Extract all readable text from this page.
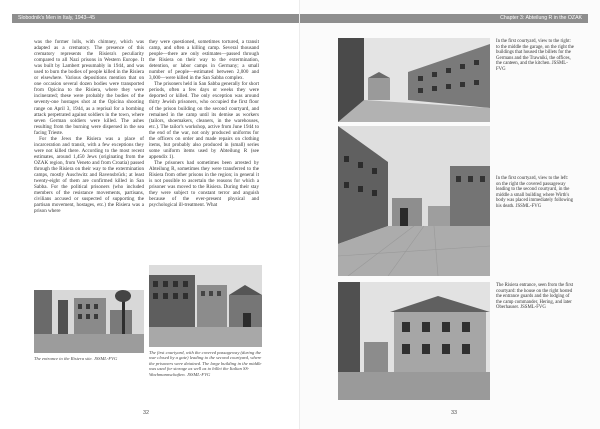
Slobodnik's Men in Italy, 1943–45

was the former lolls, with chimney, which was adapted as a crematory. The presence of this crematory represents the Risiera's peculiarity compared to all Nazi prisons in Western Europe. It was built by Lambert presumably in 1944, and was used to burn the bodies of people killed in the Risiera or elsewhere. Various depositions mention that on one occasion several dozen bodies were transported from Opicina to the Risiera, where they were incinerated; these were probably the bodies of the seventy-one hostages shot at the Opicina shooting range on April 3, 1944, as a reprisal for a bombing attack perpetrated against soldiers in the town, where seven German soldiers were killed. The ashes resulting from the burning were dispersed in the sea facing Trieste.
 For the Jews the Risiera was a place of incarceration and transit, with a few exceptions they were not killed there. According to the most recent estimates, around 1,450 Jews (originating from the OZAK region, from Veneto and from Croatia) passed through the Risiera on their way to the extermination camps, mostly Auschwitz and Ravensbrück; at least twenty-eight of them are confirmed killed in San Sabba. For the political prisoners (who included members of the resistance movements, partisans, civilians accused or suspected of supporting the partisan movement, hostages, etc.) the Risiera was a prison where

they were questioned, sometimes tortured, a transit camp, and often a killing camp. Several thousand people—there are only estimates—passed through the Risiera on their way to the extermination, detention, or labor camps in Germany; a small number of people—estimated between 2,000 and 3,000—were killed in the San Sabba complex.
 The prisoners held in San Sabba generally for short periods, often a few days or weeks they were deported or killed. The only exception was around thirty Jewish prisoners, who occupied the first floor of the prison building on the second courtyard, and remained in the camp until its demise as workers (tailors, shoemakers, cleaners, in the warehouses, etc.). The tailor's workshop, active from June 1944 to the end of the war, not only produced uniforms for the officers on order and made repairs on clothing items, but probably also produced in (small) series some uniform items used by Abteilung R (see appendix 1).
 The prisoners had sometimes been arrested by Abteilung R, sometimes they were transferred to the Risiera from other prisons in the region; in general it is not possible to ascertain the reasons for which a prisoner was moved to the Risiera. During their stay they were subject to constant terror and anguish because of the ever-present physical and psychological ill-treatment. What

The entrance to the Risiera site. JSSML-FVG

The first courtyard, with the covered passageway (during the war closed by a gate) leading to the second courtyard, where the prisoners were detained. The large building in the middle was used for storage as well as to billet the Italian SS-Wachmannschaften. JSSML-FVG

32
Chapter 3: Abteilung R in the OZAK

In the first courtyard, view to the right: to the middle the garage, on the right the buildings that housed the billets for the Germans and the Trawniki, the offices, the canteen, and the kitchen. JSSML-FVG

In the first courtyard, view to the left: on the right the covered passageway leading to the second courtyard, in the middle a small building where Wirth's body was placed immediately following his death. JSSML-FVG

The Risiera entrance, seen from the first courtyard: the house on the right hosted the entrance guards and the lodging of the camp commander, Hering, and later Oberhauser. JSSML-FVG

33
